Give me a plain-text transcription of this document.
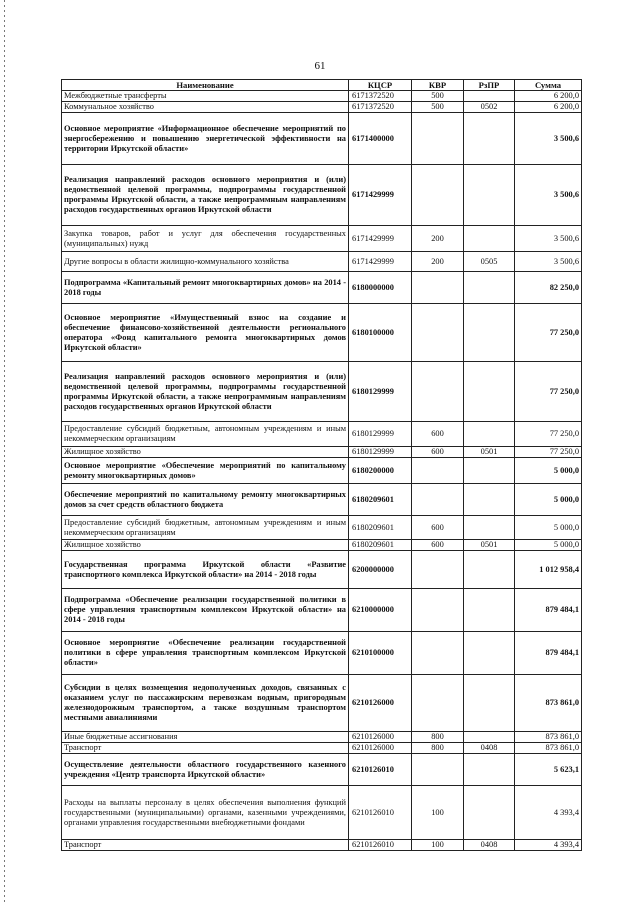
61
Наименование	КЦСР	КВР	РзПР	Сумма
Межбюджетные трансферты	6171372520	500		6 200,0
Коммунальное хозяйство	6171372520	500	0502	6 200,0
Основное мероприятие «Информационное обеспечение мероприятий по энергосбережению и повышению энергетической эффективности на территории Иркутской области»	6171400000			3 500,6
Реализация направлений расходов основного мероприятия и (или) ведомственной целевой программы, подпрограммы государственной программы Иркутской области, а также непрограммным направлениям расходов государственных органов Иркутской области	6171429999			3 500,6
Закупка товаров, работ и услуг для обеспечения государственных (муниципальных) нужд	6171429999	200		3 500,6
Другие вопросы в области жилищно-коммунального хозяйства	6171429999	200	0505	3 500,6
Подпрограмма «Капитальный ремонт многоквартирных домов» на 2014 - 2018 годы	6180000000			82 250,0
Основное мероприятие «Имущественный взнос на создание и обеспечение финансово-хозяйственной деятельности регионального оператора «Фонд капитального ремонта многоквартирных домов Иркутской области»	6180100000			77 250,0
Реализация направлений расходов основного мероприятия и (или) ведомственной целевой программы, подпрограммы государственной программы Иркутской области, а также непрограммным направлениям расходов государственных органов Иркутской области	6180129999			77 250,0
Предоставление субсидий бюджетным, автономным учреждениям и иным некоммерческим организациям	6180129999	600		77 250,0
Жилищное хозяйство	6180129999	600	0501	77 250,0
Основное мероприятие «Обеспечение мероприятий по капитальному ремонту многоквартирных домов»	6180200000			5 000,0
Обеспечение мероприятий по капитальному ремонту многоквартирных домов за счет средств областного бюджета	6180209601			5 000,0
Предоставление субсидий бюджетным, автономным учреждениям и иным некоммерческим организациям	6180209601	600		5 000,0
Жилищное хозяйство	6180209601	600	0501	5 000,0
Государственная программа Иркутской области «Развитие транспортного комплекса Иркутской области» на 2014 - 2018 годы	6200000000			1 012 958,4
Подпрограмма «Обеспечение реализации государственной политики в сфере управления транспортным комплексом Иркутской области» на 2014 - 2018 годы	6210000000			879 484,1
Основное мероприятие «Обеспечение реализации государственной политики в сфере управления транспортным комплексом Иркутской области»	6210100000			879 484,1
Субсидии в целях возмещения недополученных доходов, связанных с оказанием услуг по пассажирским перевозкам водным, пригородным железнодорожным транспортом, а также воздушным транспортом местными авиалиниями	6210126000			873 861,0
Иные бюджетные ассигнования	6210126000	800		873 861,0
Транспорт	6210126000	800	0408	873 861,0
Осуществление деятельности областного государственного казенного учреждения «Центр транспорта Иркутской области»	6210126010			5 623,1
Расходы на выплаты персоналу в целях обеспечения выполнения функций государственными (муниципальными) органами, казенными учреждениями, органами управления государственными внебюджетными фондами	6210126010	100		4 393,4
Транспорт	6210126010	100	0408	4 393,4
